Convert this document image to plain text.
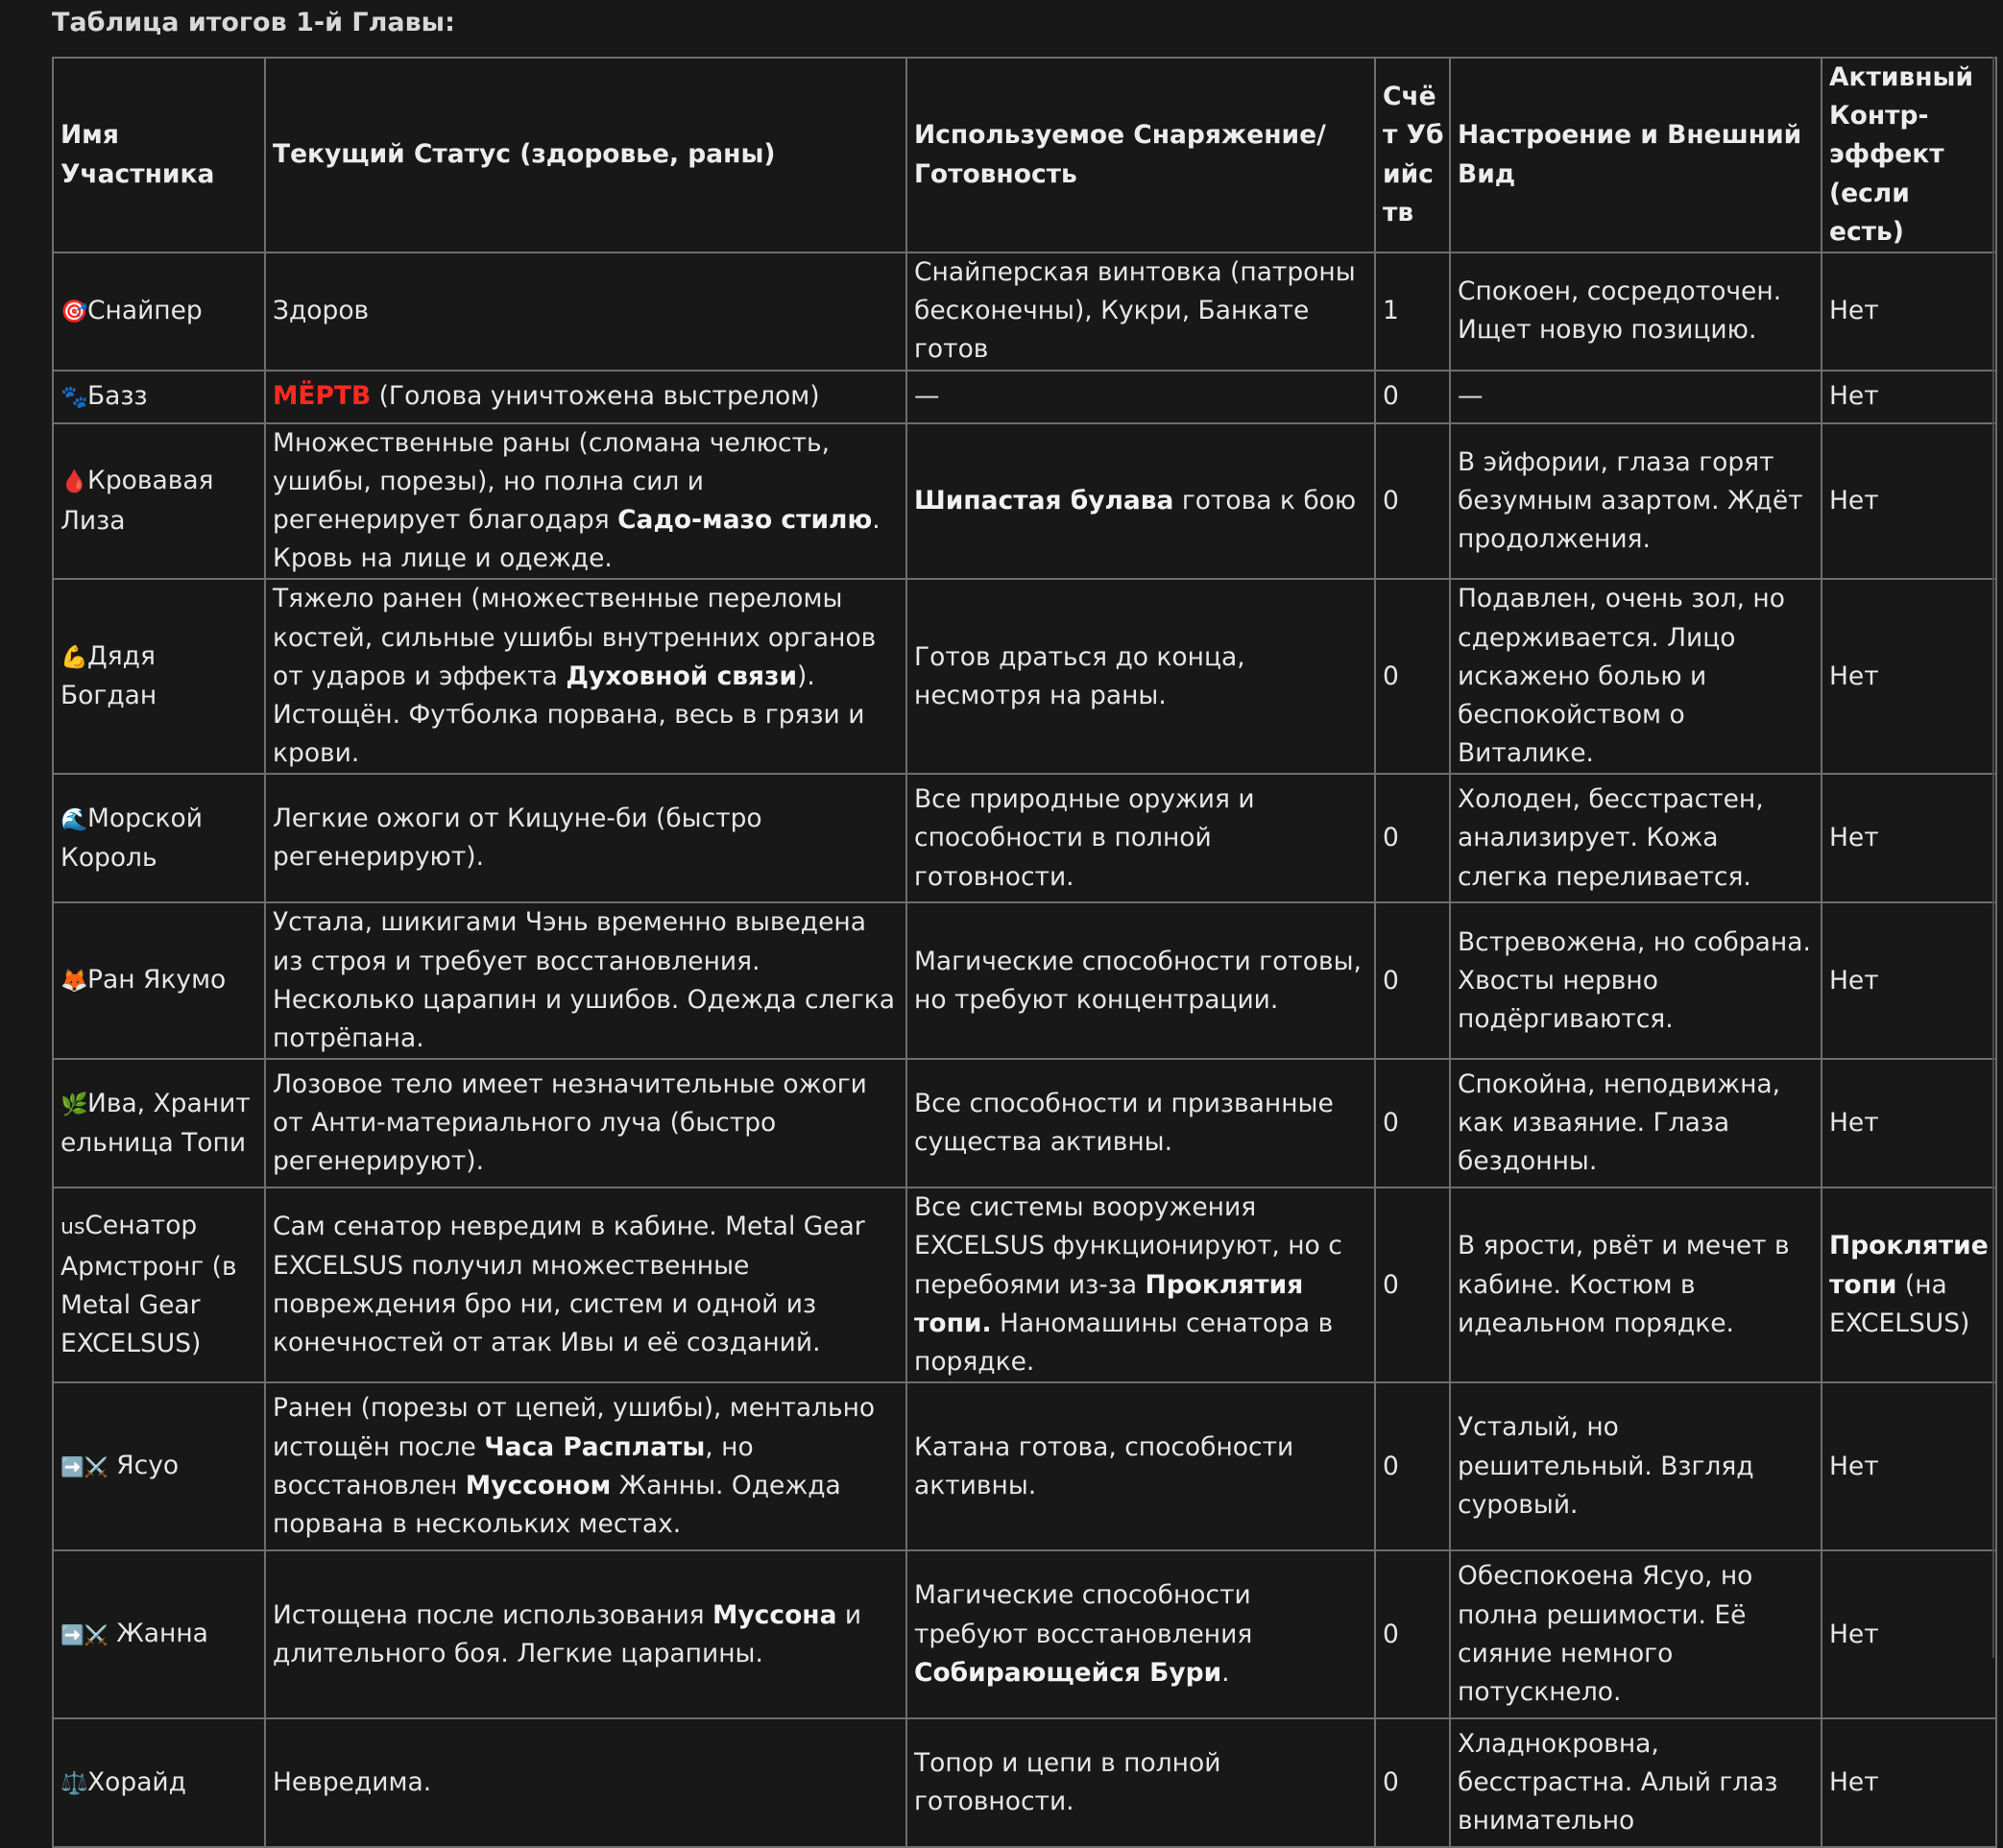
Таблица итогов 1-й Главы:
Имя Участника	Текущий Статус (здоровье, раны)	Используемое Снаряжение/ Готовность	Счёт Убийств	Настроение и Внешний Вид	Активный Контр-эффект (если есть)
🎯Снайпер	Здоров	Снайперская винтовка (патроны бесконечны), Кукри, Банкате готов	1	Спокоен, сосредоточен. Ищет новую позицию.	Нет
🐾Базз	МЁРТВ (Голова уничтожена выстрелом)	—	0	—	Нет
🩸Кровавая Лиза	Множественные раны (сломана челюсть, ушибы, порезы), но полна сил и регенерирует благодаря Садо-мазо стилю. Кровь на лице и одежде.	Шипастая булава готова к бою	0	В эйфории, глаза горят безумным азартом. Ждёт продолжения.	Нет
💪Дядя Богдан	Тяжело ранен (множественные переломы костей, сильные ушибы внутренних органов от ударов и эффекта Духовной связи). Истощён. Футболка порвана, весь в грязи и крови.	Готов драться до конца, несмотря на раны.	0	Подавлен, очень зол, но сдерживается. Лицо искажено болью и беспокойством о Виталике.	Нет
🌊Морской Король	Легкие ожоги от Кицуне-би (быстро регенерируют).	Все природные оружия и способности в полной готовности.	0	Холоден, бесстрастен, анализирует. Кожа слегка переливается.	Нет
🦊Ран Якумо	Устала, шикигами Чэнь временно выведена из строя и требует восстановления. Несколько царапин и ушибов. Одежда слегка потрёпана.	Магические способности готовы, но требуют концентрации.	0	Встревожена, но собрана. Хвосты нервно подёргиваются.	Нет
🌿Ива, Хранительница Топи	Лозовое тело имеет незначительные ожоги от Анти-материального луча (быстро регенерируют).	Все способности и призванные существа активны.	0	Спокойна, неподвижна, как изваяние. Глаза бездонны.	Нет
usСенатор Армстронг (в Metal Gear EXCELSUS)	Сам сенатор невредим в кабине. Metal Gear EXCELSUS получил множественные повреждения бро ни, систем и одной из конечностей от атак Ивы и её созданий.	Все системы вооружения EXCELSUS функционируют, но с перебоями из-за Проклятия топи. Наномашины сенатора в порядке.	0	В ярости, рвёт и мечет в кабине. Костюм в идеальном порядке.	Проклятие топи (на EXCELSUS)
➡️⚔️ Ясуо	Ранен (порезы от цепей, ушибы), ментально истощён после Часа Расплаты, но восстановлен Муссоном Жанны. Одежда порвана в нескольких местах.	Катана готова, способности активны.	0	Усталый, но решительный. Взгляд суровый.	Нет
➡️⚔️ Жанна	Истощена после использования Муссона и длительного боя. Легкие царапины.	Магические способности требуют восстановления Собирающейся Бури.	0	Обеспокоена Ясуо, но полна решимости. Её сияние немного потускнело.	Нет
⚖️Хорайд	Невредима.	Топор и цепи в полной готовности.	0	Хладнокровна, бесстрастна. Алый глаз внимательно	Нет
